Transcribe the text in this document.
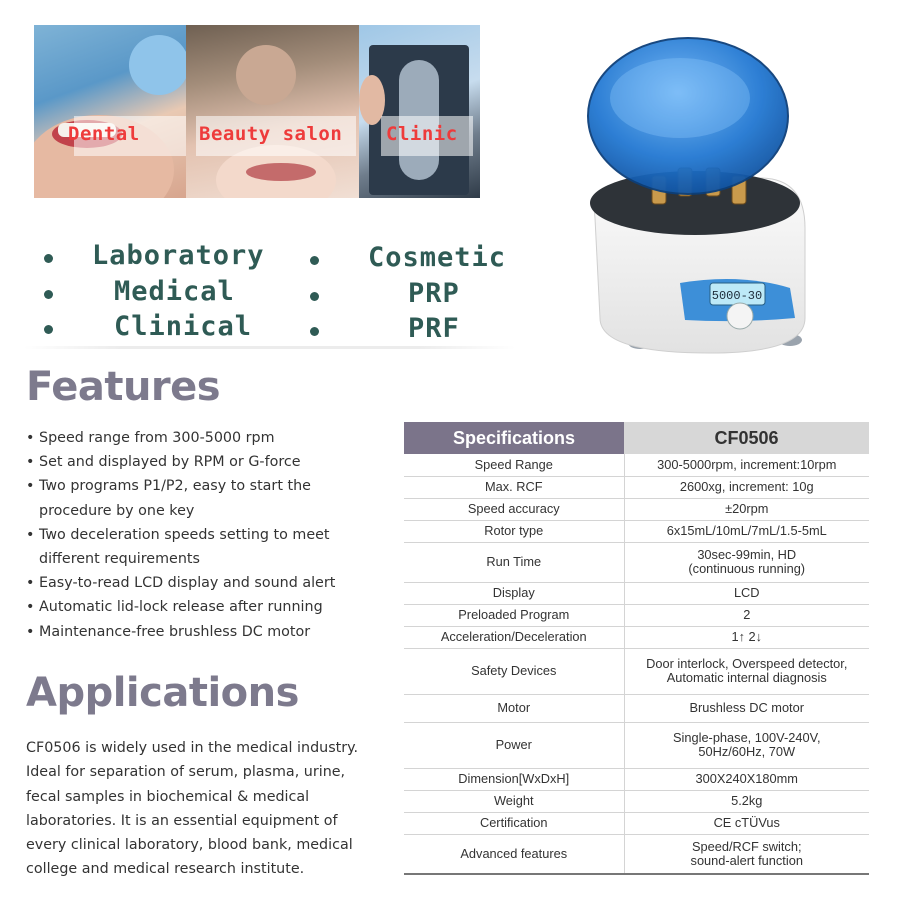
Dental	Beauty salon Clinic
5000-30
Laboratory
Medical
Clinical
Cosmetic
PRP
PRF
Features
• Speed range from 300-5000 rpm
• Set and displayed by RPM or G-force
• Two programs P1/P2, easy to start the procedure by one key
• Two deceleration speeds setting to meet different requirements
• Easy-to-read LCD display and sound alert
• Automatic lid-lock release after running
• Maintenance-free brushless DC motor
Applications

CF0506 is widely used in the medical industry. Ideal for separation of serum, plasma, urine, fecal samples in biochemical & medical laboratories. It is an essential equipment of every clinical laboratory, blood bank, medical college and medical research institute.

Specifications	CF0506
Speed Range	300-5000rpm, increment:10rpm
Max. RCF	2600xg, increment: 10g
Speed accuracy	±20rpm
Rotor type	6x15mL/10mL/7mL/1.5-5mL
Run Time	30sec-99min, HD
(continuous running)
Display	LCD
Preloaded Program	2
Acceleration/Deceleration	1↑ 2↓
Safety Devices	Door interlock, Overspeed detector,
Automatic internal diagnosis
Motor	Brushless DC motor
Power	Single-phase, 100V-240V,
50Hz/60Hz, 70W
Dimension[WxDxH]	300X240X180mm
Weight	5.2kg
Certification	CE cTÜVus
Advanced features	Speed/RCF switch;
sound-alert function
